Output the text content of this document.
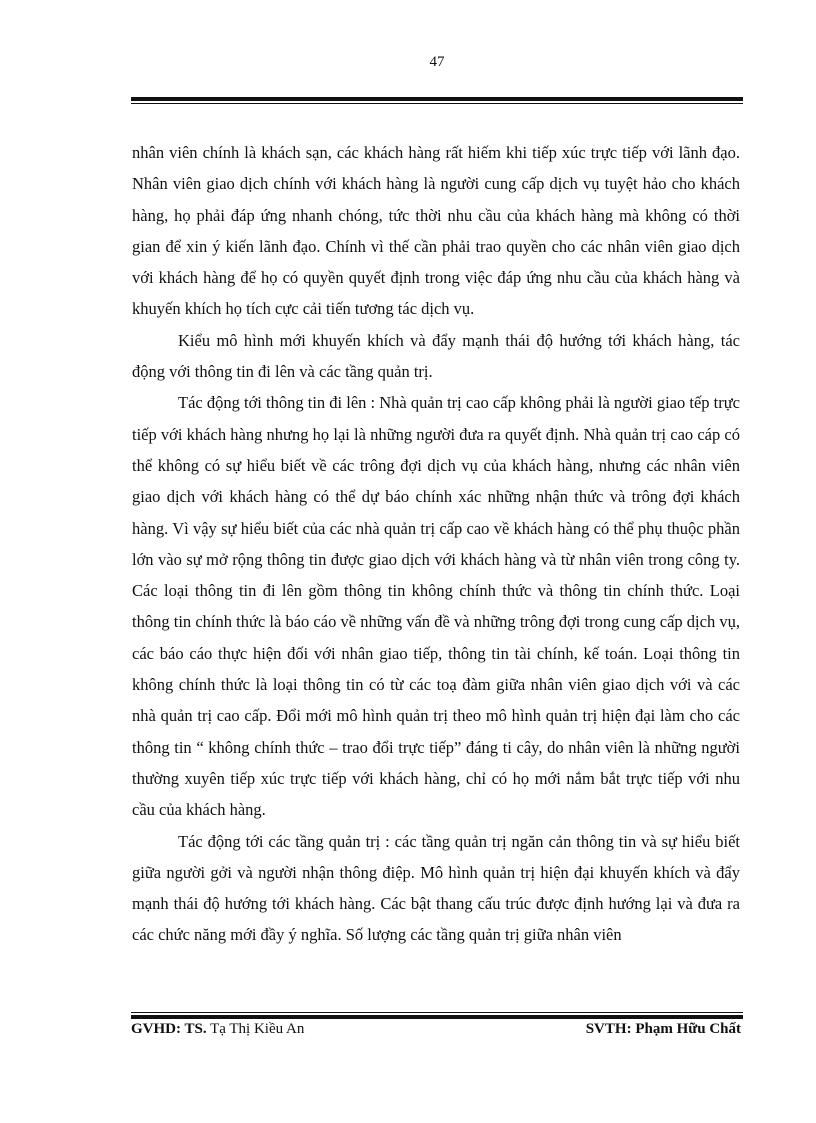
47

nhân viên chính là khách sạn, các khách hàng rất hiếm khi tiếp xúc trực tiếp với lãnh đạo. Nhân viên giao dịch chính với khách hàng là người cung cấp dịch vụ tuyệt hảo cho khách hàng, họ phải đáp ứng nhanh chóng, tức thời nhu cầu của khách hàng mà không có thời gian để xin ý kiến lãnh đạo. Chính vì thế cần phải trao quyền cho các nhân viên giao dịch với khách hàng để họ có quyền quyết định trong việc đáp ứng nhu cầu của khách hàng và khuyến khích họ tích cực cải tiến tương tác dịch vụ.

Kiểu mô hình mới khuyến khích và đẩy mạnh thái độ hướng tới khách hàng, tác động với thông tin đi lên và các tầng quản trị.

Tác động tới thông tin đi lên : Nhà quản trị cao cấp không phải là người giao tếp trực tiếp với khách hàng nhưng họ lại là những người đưa ra quyết định. Nhà quản trị cao cáp có thể không có sự hiểu biết về các trông đợi dịch vụ của khách hàng, nhưng các nhân viên giao dịch với khách hàng có thể dự báo chính xác những nhận thức và trông đợi khách hàng. Vì vậy sự hiểu biết của các nhà quản trị cấp cao về khách hàng có thể phụ thuộc phần lớn vào sự mở rộng thông tin được giao dịch với khách hàng và từ nhân viên trong công ty. Các loại thông tin đi lên gồm thông tin không chính thức và thông tin chính thức. Loại thông tin chính thức là báo cáo về những vấn đề và những trông đợi trong cung cấp dịch vụ, các báo cáo thực hiện đối với nhân giao tiếp, thông tin tài chính, kế toán. Loại thông tin không chính thức là loại thông tin có từ các toạ đàm giữa nhân viên giao dịch với và các nhà quản trị cao cấp. Đổi mới mô hình quản trị theo mô hình quản trị hiện đại làm cho các thông tin “ không chính thức – trao đổi trực tiếp” đáng ti cây, do nhân viên là những người thường xuyên tiếp xúc trực tiếp với khách hàng, chỉ có họ mới nắm bắt trực tiếp với nhu cầu của khách hàng.

Tác động tới các tầng quản trị : các tầng quản trị ngăn cản thông tin và sự hiểu biết giữa người gởi và người nhận thông điệp. Mô hình quản trị hiện đại khuyến khích và đẩy mạnh thái độ hướng tới khách hàng. Các bật thang cấu trúc được định hướng lại và đưa ra các chức năng mới đầy ý nghĩa. Số lượng các tầng quản trị giữa nhân viên

GVHD: TS. Tạ Thị Kiều An	SVTH: Phạm Hữu Chất
